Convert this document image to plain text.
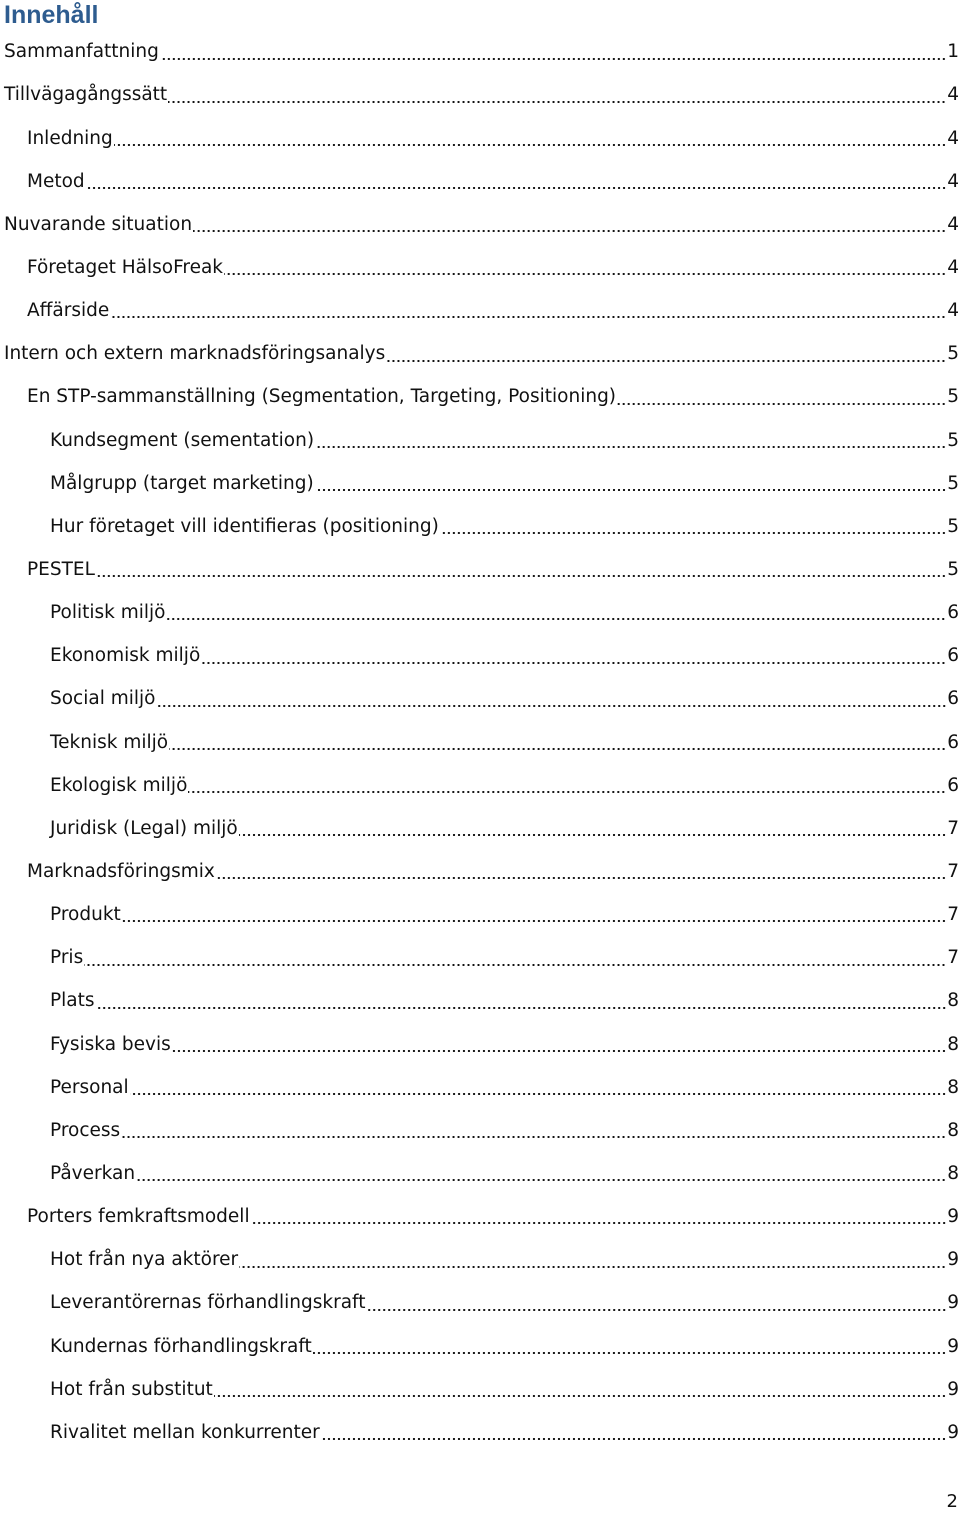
Innehåll
Sammanfattning	1
Tillvägagångssätt	4
Inledning	4
Metod	4
Nuvarande situation	4
Företaget HälsoFreak	4
Affärside	4
Intern och extern marknadsföringsanalys	5
En STP-sammanställning (Segmentation, Targeting, Positioning)	5
Kundsegment (sementation)	5
Målgrupp (target marketing)	5
Hur företaget vill identifieras (positioning)	5
PESTEL	5
Politisk miljö	6
Ekonomisk miljö	6
Social miljö	6
Teknisk miljö	6
Ekologisk miljö	6
Juridisk (Legal) miljö	7
Marknadsföringsmix	7
Produkt	7
Pris	7
Plats	8
Fysiska bevis	8
Personal	8
Process	8
Påverkan	8
Porters femkraftsmodell	9
Hot från nya aktörer	9
Leverantörernas förhandlingskraft	9
Kundernas förhandlingskraft	9
Hot från substitut	9
Rivalitet mellan konkurrenter	9
2
